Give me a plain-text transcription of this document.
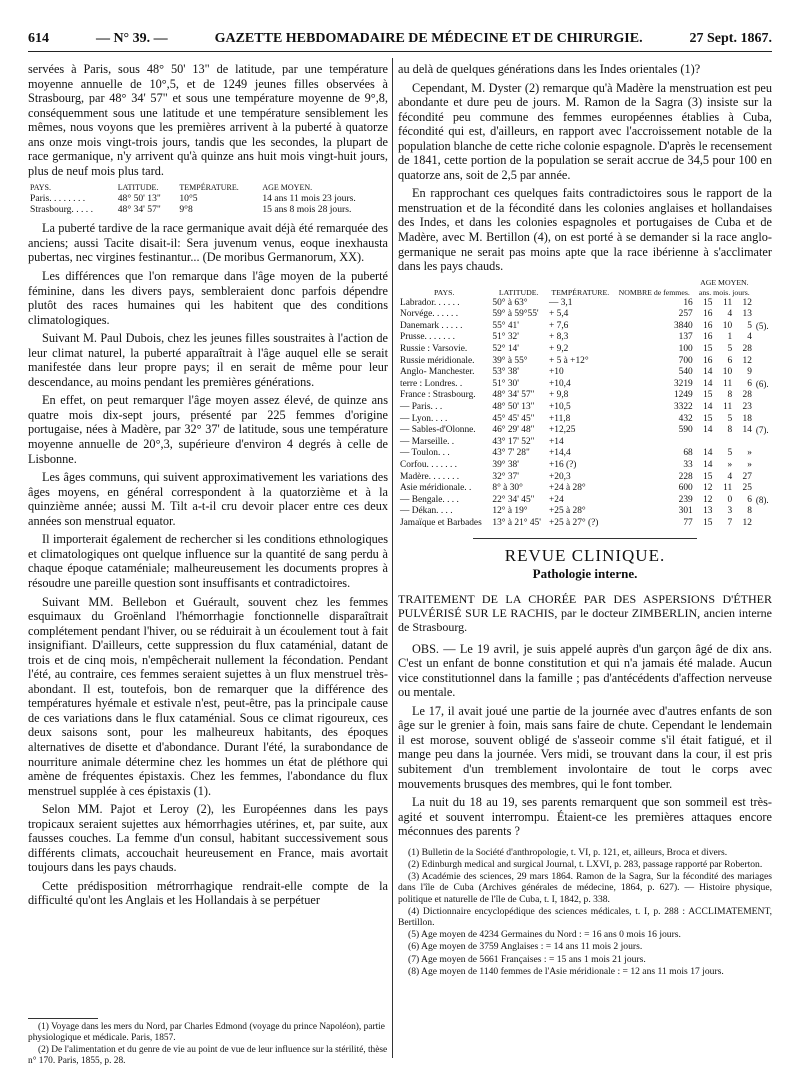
614	— N° 39. —	GAZETTE HEBDOMADAIRE DE MÉDECINE ET DE CHIRURGIE.	27 Sept. 1867.

servées à Paris, sous 48° 50' 13" de latitude, par une température moyenne annuelle de 10°,5, et de 1249 jeunes filles observées à Strasbourg, par 48° 34' 57" et sous une température moyenne de 9°,8, conséquemment sous une latitude et une température sensiblement les mêmes, nous voyons que les premières arrivent à la puberté à quatorze ans onze mois vingt-trois jours, tandis que les secondes, la plupart de race germanique, n'y arrivent qu'à quinze ans huit mois vingt-huit jours, plus de neuf mois plus tard.

PAYS.	LATITUDE.	TEMPÉRATURE.	AGE MOYEN.
Paris. . . . . . . .	48° 50' 13"	10°5	14 ans 11 mois 23 jours.
Strasbourg. . . . .	48° 34' 57"	9°8	15 ans 8 mois 28 jours.

La puberté tardive de la race germanique avait déjà été remarquée des anciens; aussi Tacite disait-il: Sera juvenum venus, eoque inexhausta pubertas, nec virgines festinantur... (De moribus Germanorum, XX).

Les différences que l'on remarque dans l'âge moyen de la puberté féminine, dans les divers pays, sembleraient donc parfois dépendre plutôt des races humaines qui les habitent que des conditions climatologiques.

Suivant M. Paul Dubois, chez les jeunes filles soustraites à l'action de leur climat naturel, la puberté apparaîtrait à l'âge auquel elle se serait manifestée dans leur propre pays; il en serait de même pour leur descendance, au moins pendant les premières générations.

En effet, on peut remarquer l'âge moyen assez élevé, de quinze ans quatre mois dix-sept jours, présenté par 225 femmes d'origine portugaise, nées à Madère, par 32° 37' de latitude, sous une température moyenne annuelle de 20°,3, supérieure d'environ 4 degrés à celle de Lisbonne.

Les âges communs, qui suivent approximativement les variations des âges moyens, en général correspondent à la quatorzième et à la quinzième année; aussi M. Tilt a-t-il cru devoir placer entre ces deux années son menstrual equator.

Il importerait également de rechercher si les conditions ethnologiques et climatologiques ont quelque influence sur la quantité de sang perdu à chaque époque cataméniale; malheureusement les documents propres à résoudre une pareille question sont insuffisants et contradictoires.

Suivant MM. Bellebon et Guérault, souvent chez les femmes esquimaux du Groënland l'hémorrhagie fonctionnelle disparaîtrait complétement pendant l'hiver, ou se réduirait à un écoulement tout à fait insignifiant. D'ailleurs, cette suppression du flux cataménial, datant de trois et de cinq mois, n'empêcherait nullement la fécondation. Pendant l'été, au contraire, ces femmes seraient sujettes à un flux menstruel très-abondant. Il est, toutefois, bon de remarquer que la différence des températures hyémale et estivale n'est, peut-être, pas la principale cause de ces variations dans le flux cataménial. Sous ce climat rigoureux, ces deux saisons sont, pour les malheureux habitants, des époques alternatives de disette et d'abondance. Durant l'été, la surabondance de nourriture animale détermine chez les hommes un état de pléthore qui amène de fréquentes épistaxis. Chez les femmes, l'abondance du flux menstruel supplée à ces épistaxis (1).

Selon MM. Pajot et Leroy (2), les Européennes dans les pays tropicaux seraient sujettes aux hémorrhagies utérines, et, par suite, aux fausses couches. La femme d'un consul, habitant successivement sous différents climats, accouchait heureusement en France, mais avortait toujours dans les pays chauds.

Cette prédisposition métrorrhagique rendrait-elle compte de la difficulté qu'ont les Anglais et les Hollandais à se perpétuer

(1) Voyage dans les mers du Nord, par Charles Edmond (voyage du prince Napoléon), partie physiologique et médicale. Paris, 1857.

(2) De l'alimentation et du genre de vie au point de vue de leur influence sur la stérilité, thèse n° 170. Paris, 1855, p. 28.

au delà de quelques générations dans les Indes orientales (1)?

Cependant, M. Dyster (2) remarque qu'à Madère la menstruation est peu abondante et dure peu de jours. M. Ramon de la Sagra (3) insiste sur la fécondité peu commune des femmes européennes établies à Cuba, fécondité qui est, d'ailleurs, en rapport avec l'accroissement notable de la population blanche de cette riche colonie espagnole. D'après le recensement de 1841, cette portion de la population se serait accrue de 34,5 pour 100 en quatorze ans, soit de 2,5 par année.

En rapprochant ces quelques faits contradictoires sous le rapport de la menstruation et de la fécondité dans les colonies anglaises et hollandaises des Indes, et dans les colonies espagnoles et portugaises de Cuba et de Madère, avec M. Bertillon (4), on est porté à se demander si la race anglo-germanique ne serait pas moins apte que la race ibérienne à s'acclimater dans les pays chauds.

PAYS.	LATITUDE.	TEMPÉRATURE.	NOMBRE de femmes.	AGE MOYEN.
ans. mois. jours.			

Labrador. . . . . .	50° à 63°	— 3,1	16	15	11	12	
Norvége. . . . . .	59° à 59°55'	+ 5,4	257	16	4	13	
Danemark . . . . .	55° 41'	+ 7,6	3840	16	10	5	(5).
Prusse. . . . . . .	51° 32'	+ 8,3	137	16	1	4	
Russie : Varsovie.	52° 14'	+ 9,2	100	15	5	28	
Russie méridionale.	39° à 55°	+ 5 à +12°	700	16	6	12	
Anglo- Manchester.	53° 38'	+10	540	14	10	9	
terre : Londres. .	51° 30'	+10,4	3219	14	11	6	(6).
France : Strasbourg.	48° 34' 57"	+ 9,8	1249	15	8	28	
— Paris. . .	48° 50' 13"	+10,5	3322	14	11	23	
— Lyon. . . .	45° 45' 45"	+11,8	432	15	5	18	
— Sables-d'Olonne.	46° 29' 48"	+12,25	590	14	8	14	(7).
— Marseille. .	43° 17' 52"	+14					
— Toulon. . .	43° 7' 28"	+14,4	68	14	5	»	
Corfou. . . . . . .	39° 38'	+16 (?)	33	14	»	»	
Madère. . . . . . .	32° 37'	+20,3	228	15	4	27	
Asie méridionale. .	8° à 30°	+24 à 28°	600	12	11	25	
— Bengale. . . .	22° 34' 45"	+24	239	12	0	6	(8).
— Dékan. . . .	12° à 19°	+25 à 28°	301	13	3	8	
Jamaïque et Barbades	13° à 21° 45'	+25 à 27° (?)	77	15	7	12	
REVUE CLINIQUE.
Pathologie interne.
TRAITEMENT DE LA CHORÉE PAR DES ASPERSIONS D'ÉTHER PULVÉRISÉ SUR LE RACHIS, par le docteur ZIMBERLIN, ancien interne de Strasbourg.

OBS. — Le 19 avril, je suis appelé auprès d'un garçon âgé de dix ans. C'est un enfant de bonne constitution et qui n'a jamais été malade. Aucun vice constitutionnel dans la famille ; pas d'antécédents d'affection nerveuse ou mentale.

Le 17, il avait joué une partie de la journée avec d'autres enfants de son âge sur le grenier à foin, mais sans faire de chute. Cependant le lendemain il est morose, souvent obligé de s'asseoir comme s'il était fatigué, et il mange peu dans la journée. Vers midi, se trouvant dans la cour, il est pris subitement d'un tremblement involontaire de tout le corps avec mouvements brusques des membres, qui le font tomber.

La nuit du 18 au 19, ses parents remarquent que son sommeil est très-agité et souvent interrompu. Étaient-ce les premières attaques encore méconnues des parents ?

(1) Bulletin de la Société d'anthropologie, t. VI, p. 121, et, ailleurs, Broca et divers.

(2) Edinburgh medical and surgical Journal, t. LXVI, p. 283, passage rapporté par Roberton.

(3) Académie des sciences, 29 mars 1864. Ramon de la Sagra, Sur la fécondité des mariages dans l'île de Cuba (Archives générales de médecine, 1864, p. 627). — Histoire physique, politique et naturelle de l'île de Cuba, t. I, 1842, p. 338.

(4) Dictionnaire encyclopédique des sciences médicales, t. I, p. 288 : ACCLIMATEMENT, Bertillon.

(5) Age moyen de 4234 Germaines du Nord : = 16 ans 0 mois 16 jours.

(6) Age moyen de 3759 Anglaises : = 14 ans 11 mois 2 jours.

(7) Age moyen de 5661 Françaises : = 15 ans 1 mois 21 jours.

(8) Age moyen de 1140 femmes de l'Asie méridionale : = 12 ans 11 mois 17 jours.
